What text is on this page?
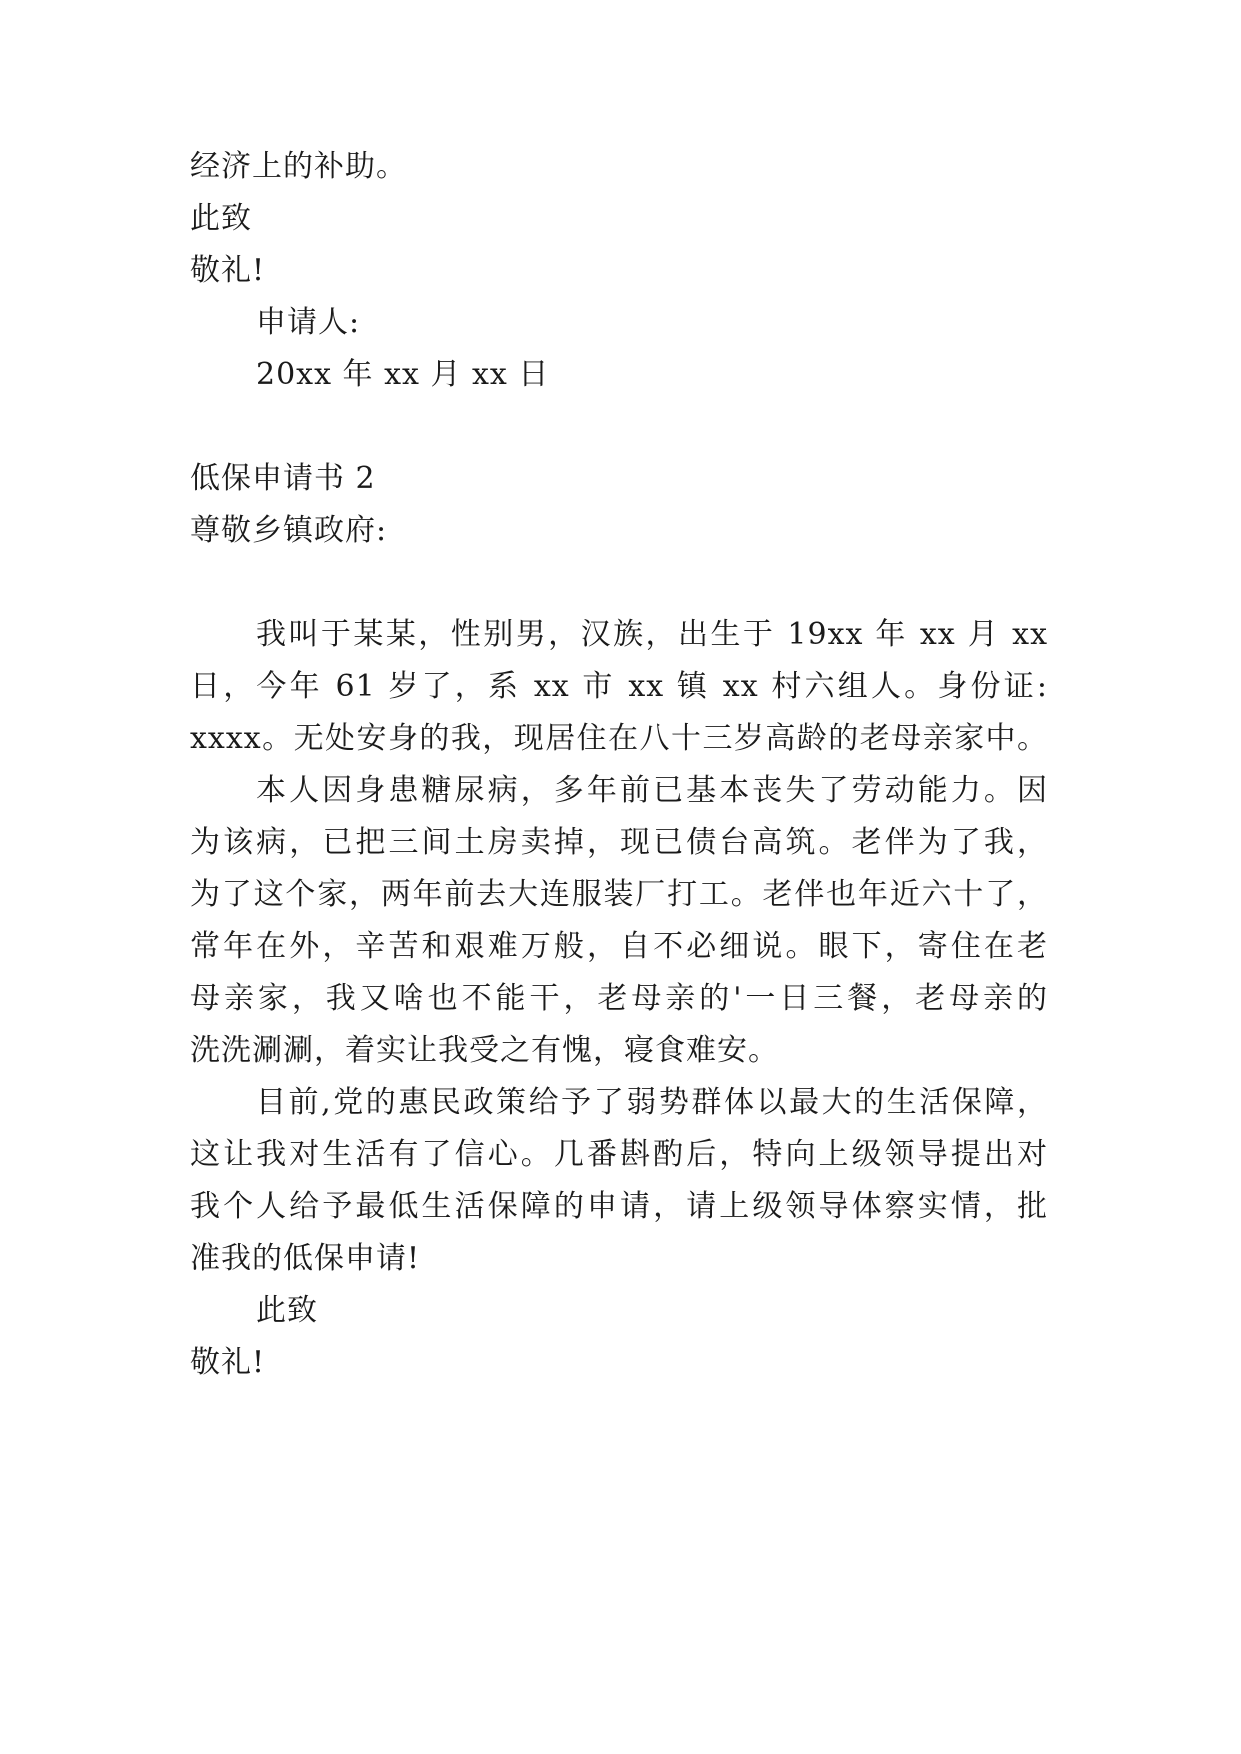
经济上的补助。
此致
敬礼!
申请人:
20xx 年 xx 月 xx 日
低保申请书 2
尊敬乡镇政府:
我叫于某某，性别男，汉族，出生于 19xx 年 xx 月 xx
日，今年 61 岁了，系 xx 市 xx 镇 xx 村六组人。身份证:
xxxx。无处安身的我，现居住在八十三岁高龄的老母亲家中。
本人因身患糖尿病，多年前已基本丧失了劳动能力。因
为该病，已把三间土房卖掉，现已债台高筑。老伴为了我，
为了这个家，两年前去大连服装厂打工。老伴也年近六十了，
常年在外，辛苦和艰难万般，自不必细说。眼下，寄住在老
母亲家，我又啥也不能干，老母亲的'一日三餐，老母亲的
洗洗涮涮，着实让我受之有愧，寝食难安。
目前,党的惠民政策给予了弱势群体以最大的生活保障，
这让我对生活有了信心。几番斟酌后，特向上级领导提出对
我个人给予最低生活保障的申请，请上级领导体察实情，批
准我的低保申请!
此致
敬礼!
